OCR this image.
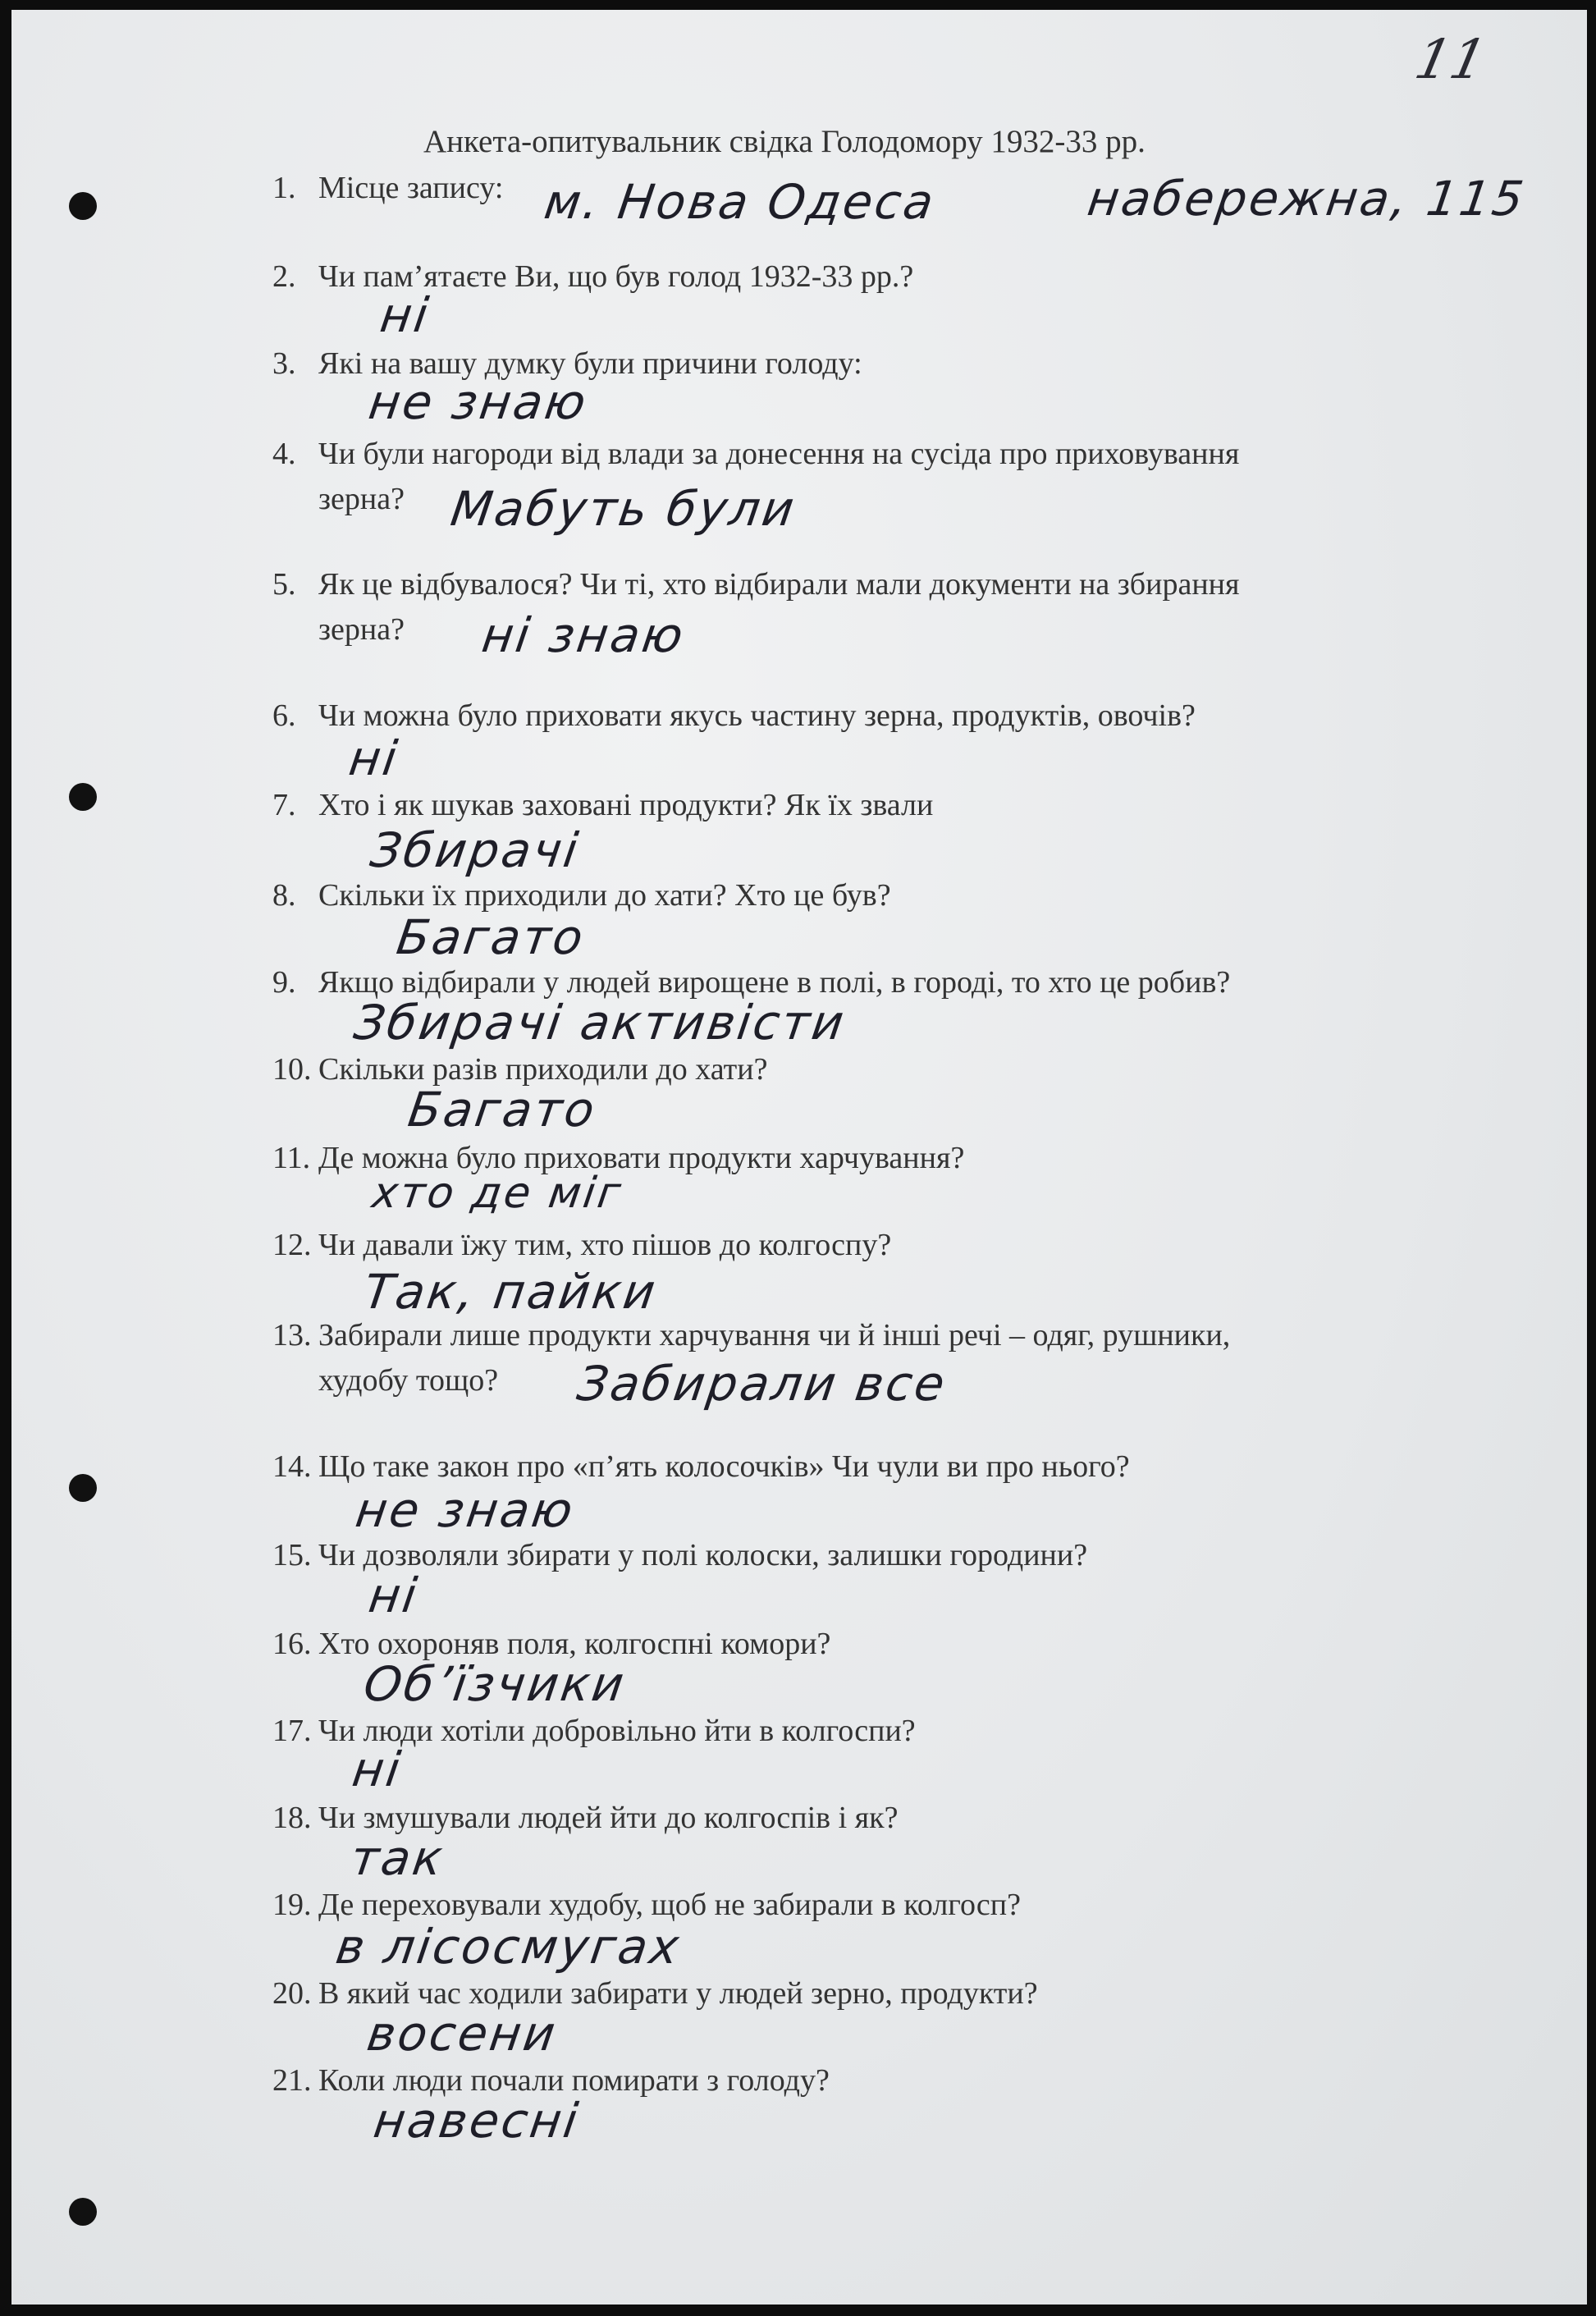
11
Анкета-опитувальник свідка Голодомору 1932-33 рр.
1. Місце запису: м. Нова Одеса	набережна, 115
2. Чи пам’ятаєте Ви, що був голод 1932-33 рр.?
ні
3. Які на вашу думку були причини голоду:
не знаю
4. Чи були нагороди від влади за донесення на сусіда про приховування
зерна? Мабуть були
5. Як це відбувалося? Чи ті, хто відбирали мали документи на збирання
зерна?	ні знаю
6. Чи можна було приховати якусь частину зерна, продуктів, овочів?
ні
7. Хто і як шукав заховані продукти? Як їх звали
Збирачі
8. Скільки їх приходили до хати? Хто це був?
Багато
9. Якщо відбирали у людей вирощене в полі, в городі, то хто це робив?
Збирачі активісти
10. Скільки разів приходили до хати?
Багато
11. Де можна було приховати продукти харчування?
хто де міг
12. Чи давали їжу тим, хто пішов до колгоспу?
Так, пайки
13. Забирали лише продукти харчування чи й інші речі – одяг, рушники,
худобу тощо?	Забирали все
14. Що таке закон про «п’ять колосочків» Чи чули ви про нього?
не знаю
15. Чи дозволяли збирати у полі колоски, залишки городини?
ні
16. Хто охороняв поля, колгоспні комори?
Об’їзчики
17. Чи люди хотіли добровільно йти в колгоспи?
ні
18. Чи змушували людей йти до колгоспів і як?
так
19. Де переховували худобу, щоб не забирали в колгосп?
в лісосмугах
20. В який час ходили забирати у людей зерно, продукти?
восени
21. Коли люди почали помирати з голоду?
навесні
